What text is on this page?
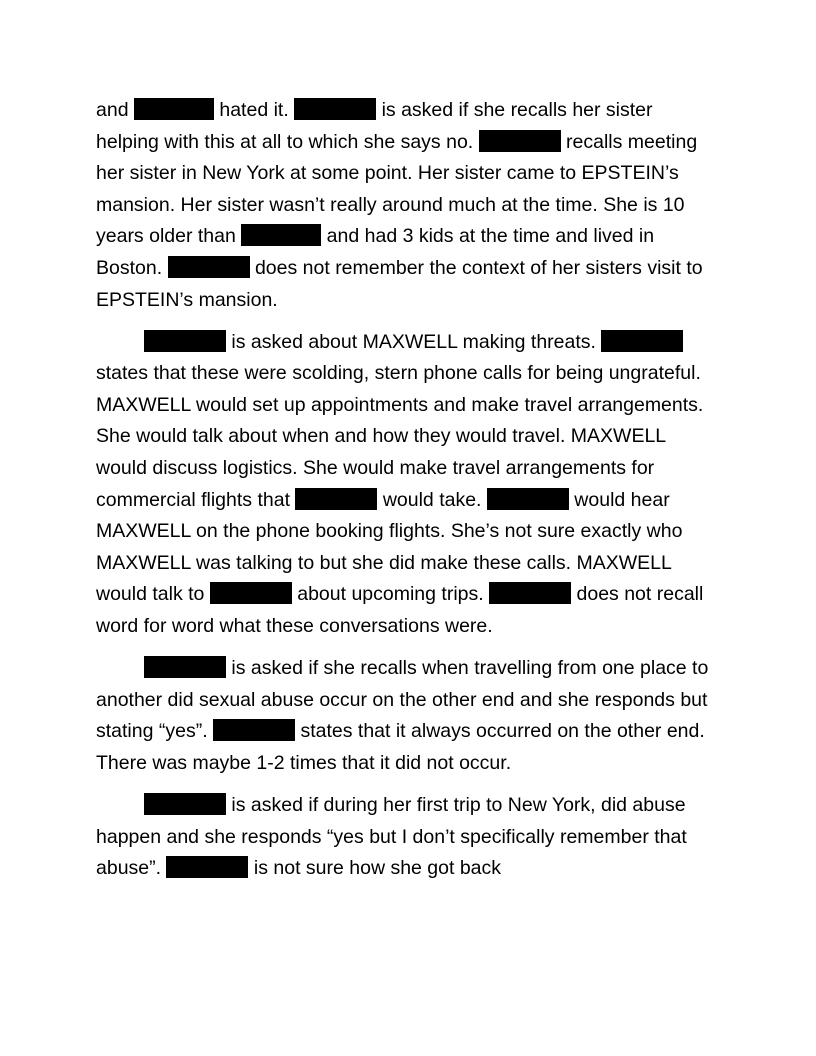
and	hated it.	is asked if she recalls her sister helping with this at all to which she says no.	recalls meeting her sister in New York at some point. Her sister came to EPSTEIN’s mansion. Her sister wasn’t really around much at the time. She is 10 years older than	and had 3 kids at the time and lived in Boston.	does not remember the context of her sisters visit to EPSTEIN’s mansion.

is asked about MAXWELL making threats.  states that these were scolding, stern phone calls for being ungrateful. MAXWELL would set up appointments and make travel arrangements. She would talk about when and how they would travel. MAXWELL would discuss logistics. She would make travel arrangements for commercial flights that	would take.	would hear MAXWELL on the phone booking flights. She’s not sure exactly who MAXWELL was talking to but she did make these calls. MAXWELL would talk to	about upcoming trips.	does not recall word for word what these conversations were.

is asked if she recalls when travelling from one place to another did sexual abuse occur on the other end and she responds but stating “yes”.	states that it always occurred on the other end. There was maybe 1-2 times that it did not occur.

is asked if during her first trip to New York, did abuse happen and she responds “yes but I don’t specifically remember that abuse”.	is not sure how she got back
